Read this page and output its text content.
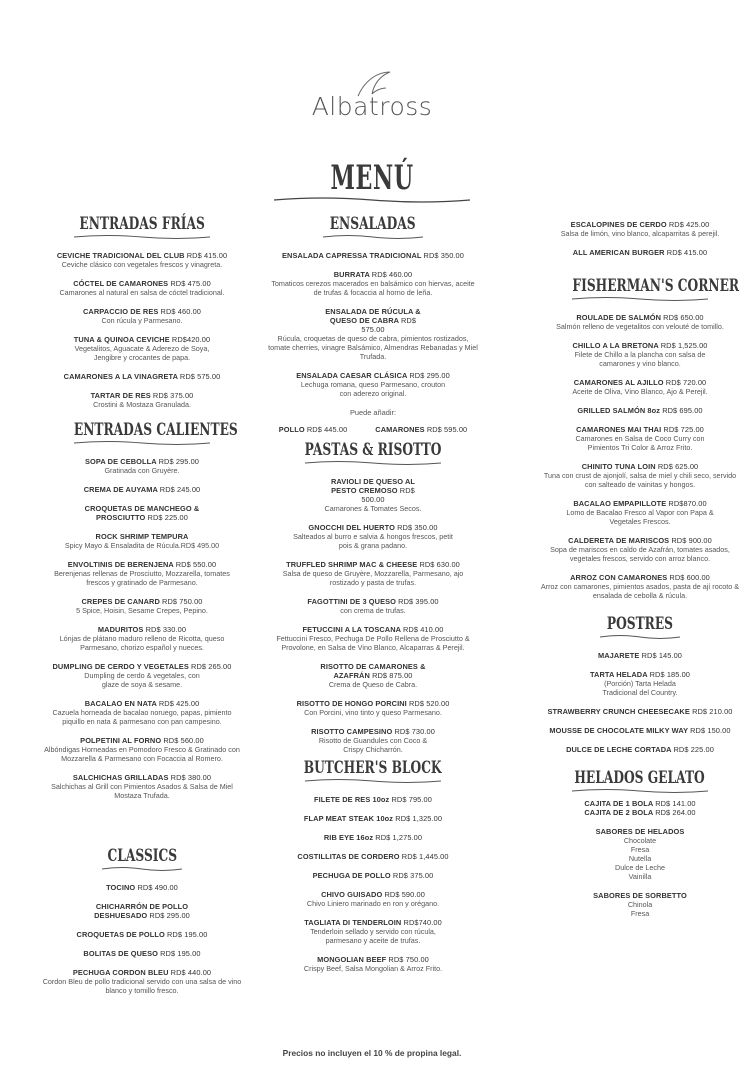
Albatross
MENÚ
ENTRADAS FRÍAS
CEVICHE TRADICIONAL DEL CLUB RD$ 415.00
Ceviche clásico con vegetales frescos y vinagreta.
CÓCTEL DE CAMARONES RD$ 475.00
Camarones al natural en salsa de cóctel tradicional.
CARPACCIO DE RES RD$ 460.00
Con rúcula y Parmesano.
TUNA & QUINOA CEVICHE RD$420.00
Vegetalitos, Aguacate & Aderezo de Soya, Jengibre y crocantes de papa.
CAMARONES A LA VINAGRETA RD$ 575.00
TARTAR DE RES RD$ 375.00
Crostini & Mostaza Granulada.
ENTRADAS CALIENTES
SOPA DE CEBOLLA RD$ 295.00
Gratinada con Gruyère.
CREMA DE AUYAMA RD$ 245.00
CROQUETAS DE MANCHEGO & PROSCIUTTO RD$ 225.00
ROCK SHRIMP TEMPURA
Spicy Mayo & Ensaladita de Rúcula.RD$ 495.00
ENVOLTINIS DE BERENJENA RD$ 550.00
Berenjenas rellenas de Prosciutto, Mozzarella, tomates frescos y gratinado de Parmesano.
CREPES DE CANARD RD$ 750.00
5 Spice, Hoisin, Sesame Crepes, Pepino.
MADURITOS RD$ 330.00
Lónjas de plátano maduro relleno de Ricotta, queso Parmesano, chorizo español y nueces.
DUMPLING DE CERDO Y VEGETALES RD$ 265.00
Dumpling de cerdo & vegetales, con glaze de soya & sesame.
BACALAO EN NATA RD$ 425.00
Cazuela horneada de bacalao noruego, papas, pimiento piquillo en nata & parmesano con pan campesino.
POLPETINI AL FORNO RD$ 560.00
Albóndigas Horneadas en Pomodoro Fresco & Gratinado con Mozzarella & Parmesano con Focaccia al Romero.
SALCHICHAS GRILLADAS RD$ 380.00
Salchichas al Grill con Pimientos Asados & Salsa de Miel Mostaza Trufada.
CLASSICS
TOCINO RD$ 490.00
CHICHARRÓN DE POLLO DESHUESADO RD$ 295.00
CROQUETAS DE POLLO RD$ 195.00
BOLITAS DE QUESO RD$ 195.00
PECHUGA CORDON BLEU RD$ 440.00
Cordon Bleu de pollo tradicional servido con una salsa de vino blanco y tomillo fresco.
ENSALADAS
ENSALADA CAPRESSA TRADICIONAL RD$ 350.00
BURRATA RD$ 460.00
Tomaticos cerezos macerados en balsámico con hiervas, aceite de trufas & focaccia al horno de leña.
ENSALADA DE RÚCULA & QUESO DE CABRA RD$ 575.00
Rúcula, croquetas de queso de cabra, pimientos rostizados, tomate cherries, vinagre Balsámico, Almendras Rebanadas y Miel Trufada.
ENSALADA CAESAR CLÁSICA RD$ 295.00
Lechuga romana, queso Parmesano, crouton con aderezo original.
Puede añadir:
POLLO RD$ 445.00	CAMARONES RD$ 595.00
PASTAS & RISOTTO
RAVIOLI DE QUESO AL PESTO CREMOSO RD$ 500.00
Camarones & Tomates Secos.
GNOCCHI DEL HUERTO RD$ 350.00
Salteados al burro e salvia & hongos frescos, petit pois & grana padano.
TRUFFLED SHRIMP MAC & CHEESE RD$ 630.00
Salsa de queso de Gruyère, Mozzarella, Parmesano, ajo rostizado y pasta de trufas.
FAGOTTINI DE 3 QUESO RD$ 395.00
con crema de trufas.
FETUCCINI A LA TOSCANA RD$ 410.00
Fettuccini Fresco, Pechuga De Pollo Rellena de Prosciutto & Provolone, en Salsa de Vino Blanco, Alcaparras & Perejil.
RISOTTO DE CAMARONES & AZAFRÁN RD$ 875.00
Crema de Queso de Cabra.
RISOTTO DE HONGO PORCINI RD$ 520.00
Con Porcini, vino tinto y queso Parmesano.
RISOTTO CAMPESINO RD$ 730.00
Risotto de Guandules con Coco & Crispy Chicharrón.
BUTCHER'S BLOCK
FILETE DE RES 10oz RD$ 795.00
FLAP MEAT STEAK 10oz RD$ 1,325.00
RIB EYE 16oz RD$ 1,275.00
COSTILLITAS DE CORDERO RD$ 1,445.00
PECHUGA DE POLLO RD$ 375.00
CHIVO GUISADO RD$ 590.00
Chivo Liniero marinado en ron y orégano.
TAGLIATA DI TENDERLOIN RD$740.00
Tenderloin sellado y servido con rúcula, parmesano y aceite de trufas.
MONGOLIAN BEEF RD$ 750.00
Crispy Beef, Salsa Mongolian & Arroz Frito.
ESCALOPINES DE CERDO RD$ 425.00
Salsa de limón, vino blanco, alcaparritas & perejil.
ALL AMERICAN BURGER RD$ 415.00
FISHERMAN'S CORNER
ROULADE DE SALMÓN RD$ 650.00
Salmón relleno de vegetalitos con velouté de tomillo.
CHILLO A LA BRETONA RD$ 1,525.00
Filete de Chillo a la plancha con salsa de camarones y vino blanco.
CAMARONES AL AJILLO RD$ 720.00
Aceite de Oliva, Vino Blanco, Ajo & Perejil.
GRILLED SALMÓN 8oz RD$ 695.00
CAMARONES MAI THAI RD$ 725.00
Camarones en Salsa de Coco Curry con Pimientos Tri Color & Arroz Frito.
CHINITO TUNA LOIN RD$ 625.00
Tuna con crust de ajonjolí, salsa de miel y chili seco, servido con salteado de vainitas y hongos.
BACALAO EMPAPILLOTE RD$870.00
Lomo de Bacalao Fresco al Vapor con Papa & Vegetales Frescos.
CALDERETA DE MARISCOS RD$ 900.00
Sopa de mariscos en caldo de Azafrán, tomates asados, vegetales frescos, servido con arroz blanco.
ARROZ CON CAMARONES RD$ 600.00
Arroz con camarones, pimientos asados, pasta de ají rocoto & ensalada de cebolla & rúcula.
POSTRES
MAJARETE RD$ 145.00
TARTA HELADA RD$ 185.00
(Porción) Tarta Helada Tradicional del Country.
STRAWBERRY CRUNCH CHEESECAKE RD$ 210.00
MOUSSE DE CHOCOLATE MILKY WAY RD$ 150.00
DULCE DE LECHE CORTADA RD$ 225.00
HELADOS GELATO
CAJITA DE 1 BOLA RD$ 141.00
CAJITA DE 2 BOLA RD$ 264.00
SABORES DE HELADOS
Chocolate
Fresa
Nutella
Dulce de Leche
Vainilla
SABORES DE SORBETTO
Chinola
Fresa
Precios no incluyen el 10 % de propina legal.
